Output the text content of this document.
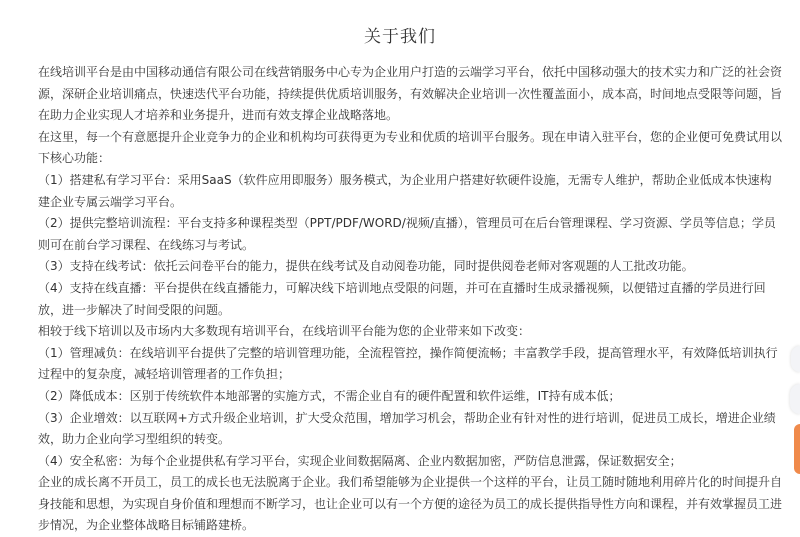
关于我们

在线培训平台是由中国移动通信有限公司在线营销服务中心专为企业用户打造的云端学习平台，依托中国移动强大的技术实力和广泛的社会资源，深研企业培训痛点，快速迭代平台功能，持续提供优质培训服务，有效解决企业培训一次性覆盖面小，成本高，时间地点受限等问题，旨在助力企业实现人才培养和业务提升，进而有效支撑企业战略落地。

在这里，每一个有意愿提升企业竞争力的企业和机构均可获得更为专业和优质的培训平台服务。现在申请入驻平台，您的企业便可免费试用以下核心功能：

（1）搭建私有学习平台：采用SaaS（软件应用即服务）服务模式，为企业用户搭建好软硬件设施，无需专人维护，帮助企业低成本快速构建企业专属云端学习平台。

（2）提供完整培训流程：平台支持多种课程类型（PPT/PDF/WORD/视频/直播），管理员可在后台管理课程、学习资源、学员等信息；学员则可在前台学习课程、在线练习与考试。

（3）支持在线考试：依托云问卷平台的能力，提供在线考试及自动阅卷功能，同时提供阅卷老师对客观题的人工批改功能。

（4）支持在线直播：平台提供在线直播能力，可解决线下培训地点受限的问题，并可在直播时生成录播视频，以便错过直播的学员进行回放，进一步解决了时间受限的问题。

相较于线下培训以及市场内大多数现有培训平台，在线培训平台能为您的企业带来如下改变：

（1）管理减负：在线培训平台提供了完整的培训管理功能，全流程管控，操作简便流畅；丰富教学手段，提高管理水平，有效降低培训执行过程中的复杂度，减轻培训管理者的工作负担；

（2）降低成本：区别于传统软件本地部署的实施方式，不需企业自有的硬件配置和软件运维，IT持有成本低；

（3）企业增效：以互联网+方式升级企业培训，扩大受众范围，增加学习机会，帮助企业有针对性的进行培训，促进员工成长，增进企业绩效，助力企业向学习型组织的转变。

（4）安全私密：为每个企业提供私有学习平台，实现企业间数据隔离、企业内数据加密，严防信息泄露，保证数据安全；

企业的成长离不开员工，员工的成长也无法脱离于企业。我们希望能够为企业提供一个这样的平台，让员工随时随地利用碎片化的时间提升自身技能和思想，为实现自身价值和理想而不断学习，也让企业可以有一个方便的途径为员工的成长提供指导性方向和课程，并有效掌握员工进步情况，为企业整体战略目标铺路建桥。
